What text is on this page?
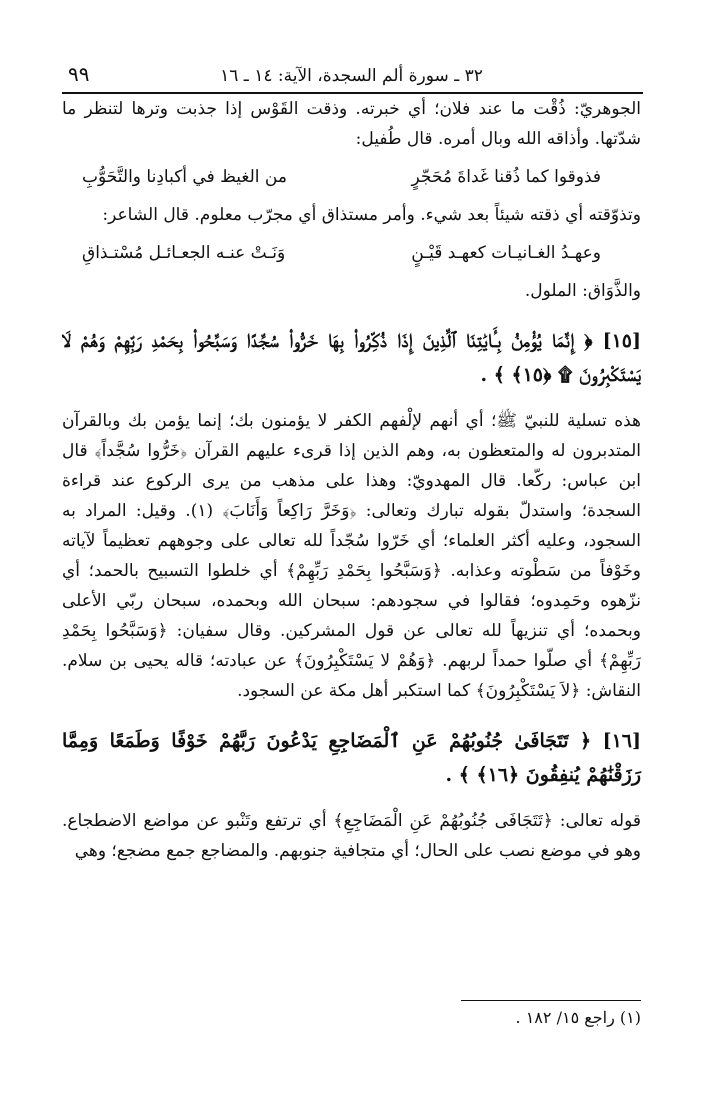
٣٢ ـ سورة ألم السجدة، الآية: ١٤ ـ ١٦
٩٩

الجوهريّ: ذُقْت ما عند فلان؛ أي خبرته. وذقت القَوْس إذا جذبت وترها لتنظر ما شدّتها. وأذاقه الله وبال أمره. قال طُفيل:

فذوقوا كما ذُقنا غَداةَ مُحَجّرٍ
من الغيظ في أكبادِنا والتَّحَوُّبِ

وتذوّقته أي ذقته شيئاً بعد شيء. وأمر مستذاق أي مجرّب معلوم. قال الشاعر:

وعهـدُ الغـانيـات كعهـد قَيْـنٍ
وَنَـتْ عنـه الجعـائـل مُسْتـذاقِ

والذَّوَاق: الملول.

[١٥] ﴿ إِنَّمَا يُؤْمِنُ بِـَٔايَٰتِنَا ٱلَّذِينَ إِذَا ذُكِّرُوا۟ بِهَا خَرُّوا۟ سُجَّدًا وَسَبَّحُوا۟ بِحَمْدِ رَبِّهِمْ وَهُمْ لَا يَسْتَكْبِرُونَ ۩ ﴿١٥﴾ ﴾ .

هذه تسلية للنبيّ ﷺ؛ أي أنهم لإلْفهم الكفر لا يؤمنون بك؛ إنما يؤمن بك وبالقرآن المتدبرون له والمتعظون به، وهم الذين إذا قرىء عليهم القرآن ﴿خَرُّوا سُجَّداً﴾ قال ابن عباس: ركّعا. قال المهدويّ: وهذا على مذهب من يرى الركوع عند قراءة السجدة؛ واستدلّ بقوله تبارك وتعالى: ﴿وَخَرَّ رَاكِعاً وَأَنَابَ﴾ (١). وقيل: المراد به السجود، وعليه أكثر العلماء؛ أي خَرّوا سُجّداً لله تعالى على وجوههم تعظيماً لآياته وخَوْفاً من سَطْوته وعذابه. ﴿وَسَبَّحُوا بِحَمْدِ رَبِّهِمْ﴾ أي خلطوا التسبيح بالحمد؛ أي نزّهوه وحَمِدوه؛ فقالوا في سجودهم: سبحان الله وبحمده، سبحان ربّي الأعلى وبحمده؛ أي تنزيهاً لله تعالى عن قول المشركين. وقال سفيان: ﴿وَسَبَّحُوا بِحَمْدِ رَبِّهِمْ﴾ أي صلّوا حمداً لربهم. ﴿وَهُمْ لا يَسْتَكْبِرُونَ﴾ عن عبادته؛ قاله يحيى بن سلام. النقاش: ﴿لاَ يَسْتَكْبِرُونَ﴾ كما استكبر أهل مكة عن السجود.

[١٦] ﴿ تَتَجَافَىٰ جُنُوبُهُمْ عَنِ ٱلْمَضَاجِعِ يَدْعُونَ رَبَّهُمْ خَوْفًا وَطَمَعًا وَمِمَّا رَزَقْنَٰهُمْ يُنفِقُونَ ﴿١٦﴾ ﴾ .

قوله تعالى: ﴿تَتَجَافَى جُنُوبُهُمْ عَنِ الْمَضَاجِعِ﴾ أي ترتفع وتَنْبو عن مواضع الاضطجاع. وهو في موضع نصب على الحال؛ أي متجافية جنوبهم. والمضاجع جمع مضجع؛ وهي

(١) راجع ١٥/ ١٨٢ .
